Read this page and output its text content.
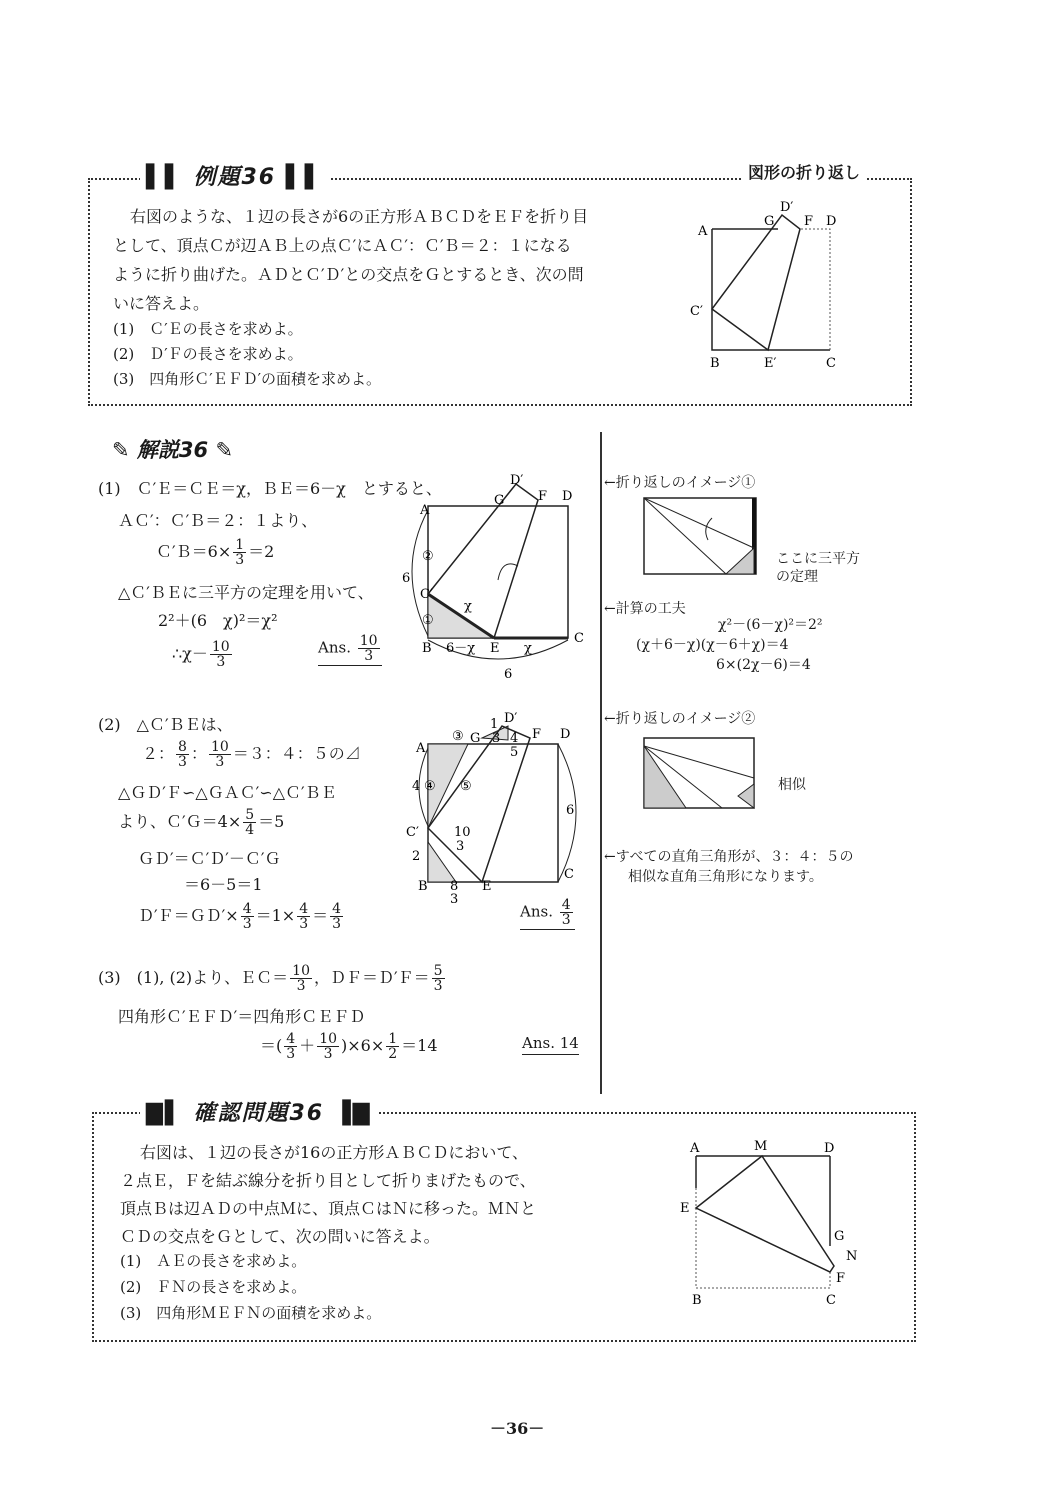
▌▌ 例題36 ▌▌	図形の折り返し
右図のような、１辺の長さが6の正方形ＡＢＣＤをＥＦを折り目
として、頂点Ｃが辺ＡＢ上の点Ｃ′にＡＣ′：Ｃ′Ｂ＝２：１になる
ように折り曲げた。ＡＤとＣ′Ｄ′との交点をＧとするとき、次の問
いに答えよ。
(1)　Ｃ′Ｅの長さを求めよ。
(2)　Ｄ′Ｆの長さを求めよ。
(3)　四角形Ｃ′ＥＦＤ′の面積を求めよ。
A
B	C
D
E′
F
G
C′
D′
✎ 解説36 ✎
(1)　Ｃ′Ｅ＝ＣＥ＝χ，ＢＥ＝6－χ　とすると、
ＡＣ′：Ｃ′Ｂ＝２：１より、
Ｃ′Ｂ＝6× $\frac{1}{3} =2$
△Ｃ′ＢＥに三平方の定理を用いて、
2²＋(6　χ)²＝χ²
∴χ－ $\frac{10}{3}$	Ans. $\frac{10}{3}$
A
B
C
D
E
F
G
C′
D′
6
6
②
①
χ
χ
6－χ
(2)　△Ｃ′ＢＥは、
２： $\frac{8}{3}$ ： $\frac{10}{3} =3$：４：５の⊿
△ＧＤ′Ｆ∽△ＧＡＣ′∽△Ｃ′ＢＥ
より、Ｃ′Ｇ＝4× $\frac{5}{4} =5$
ＧＤ′＝Ｃ′Ｄ′－Ｃ′Ｇ
＝6－5＝1
Ｄ′Ｆ＝ＧＤ′× $\frac{4}{3} =1\times \frac{4}{3} = \frac{4}{3}$	Ans. $\frac{4}{3}$
A
B
C
D
E
F
G
C′
D′
4
2
6
③
④ ⑤
1
3 4
5
10
3
8
3
(3)　(1), (2)より、ＥＣ＝ $\frac{10}{3}$ ，ＤＦ＝Ｄ′Ｆ＝ $\frac{5}{3}$
四角形Ｃ′ＥＦＤ′＝四角形ＣＥＦＤ
＝( $\frac{4}{3} + \frac{10}{3} )\times 6\times \frac{1}{2} =14$	Ans. 14
←折り返しのイメージ①
ここに三平方
の定理
←計算の工夫
χ²－(6－χ)²＝2²
(χ＋6－χ)(χ－6＋χ)＝4
6×(2χ－6)＝4
←折り返しのイメージ②
相似
←すべての直角三角形が、３：４：５の
相似な直角三角形になります。
▇▌ 確認問題36 ▐▇
右図は、１辺の長さが16の正方形ＡＢＣＤにおいて、
２点Ｅ，Ｆを結ぶ線分を折り目として折りまげたもので、
頂点Ｂは辺ＡＤの中点Ｍに、頂点ＣはＮに移った。ＭＮと
ＣＤの交点をＧとして、次の問いに答えよ。
(1)　ＡＥの長さを求めよ。
(2)　ＦＮの長さを求めよ。
(3)　四角形ＭＥＦＮの面積を求めよ。
A	M	D
E
G
N
F
B	C
－36－
